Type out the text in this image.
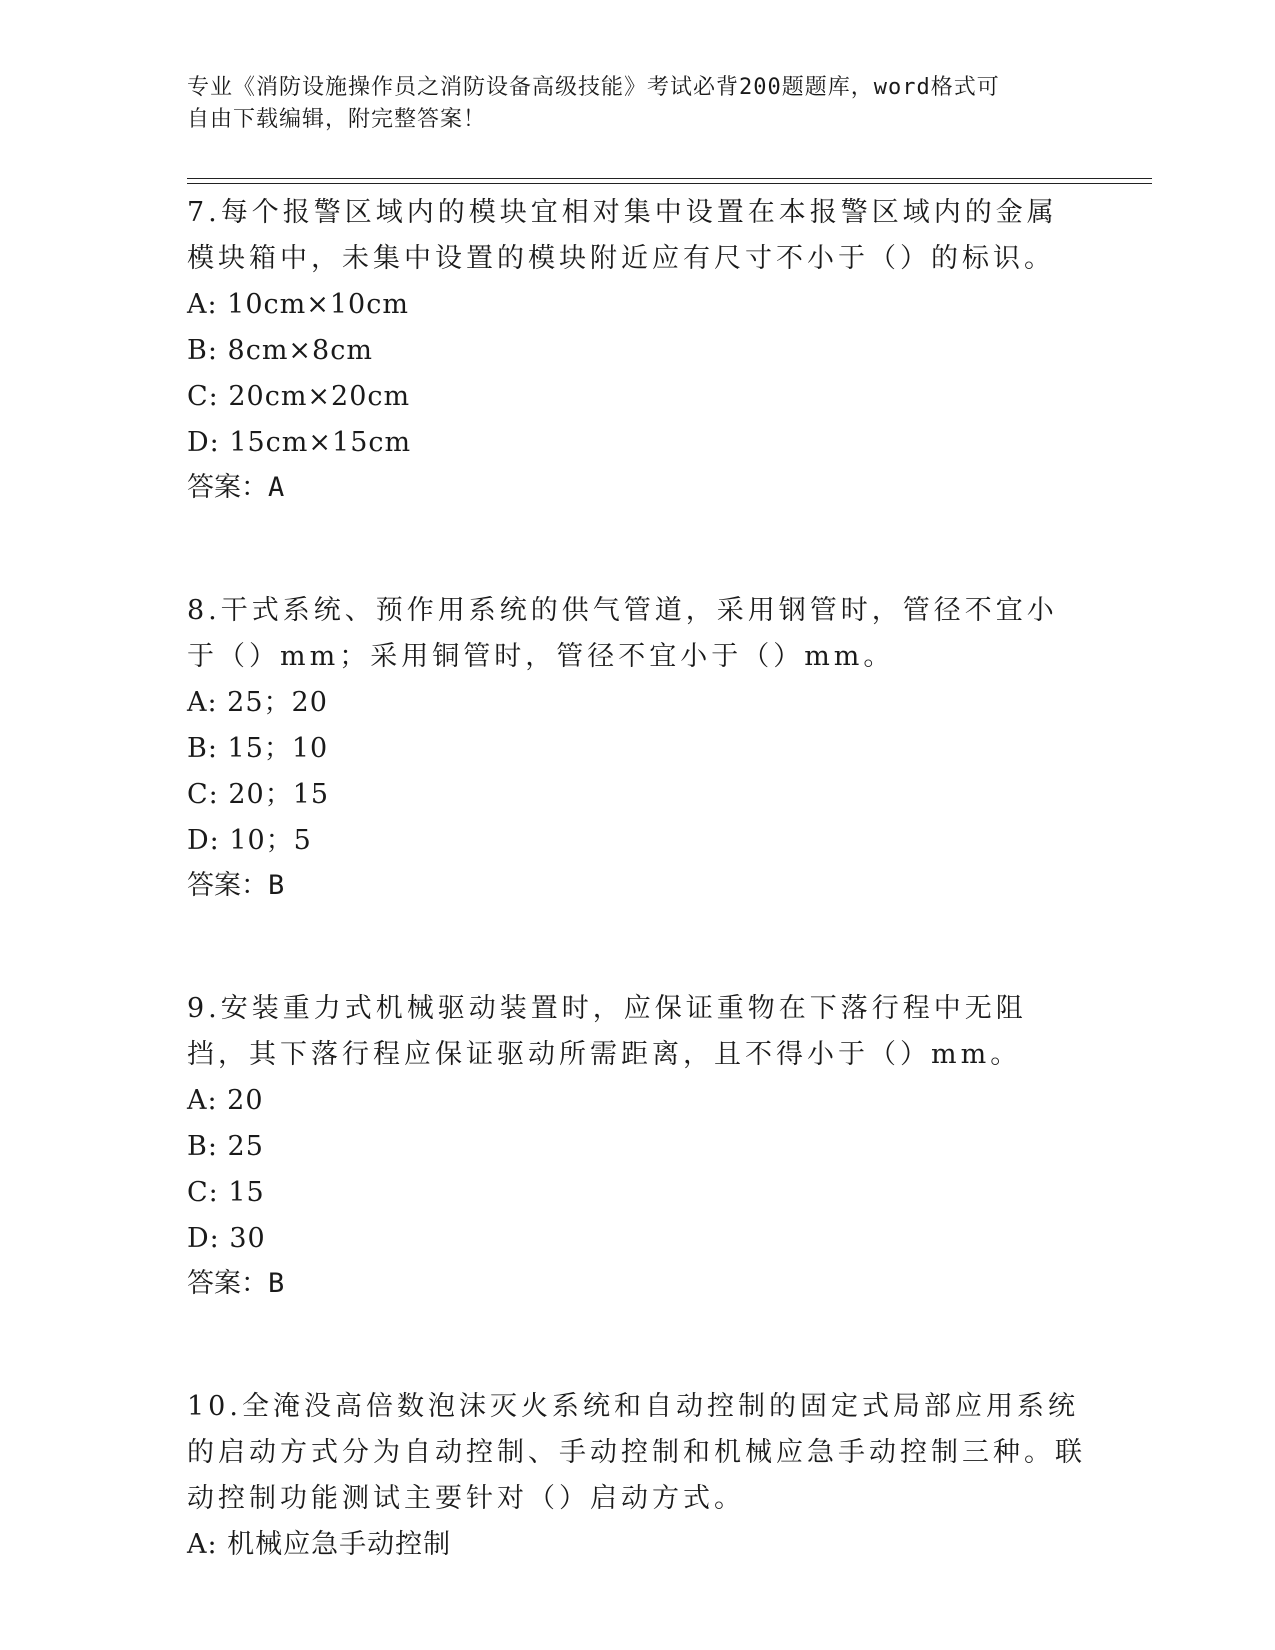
专业《消防设施操作员之消防设备高级技能》考试必背200题题库，word格式可
自由下载编辑，附完整答案！

7.每个报警区域内的模块宜相对集中设置在本报警区域内的金属模块箱中，未集中设置的模块附近应有尺寸不小于（）的标识。

A: 10cm×10cm

B: 8cm×8cm

C: 20cm×20cm

D: 15cm×15cm

答案：A

8.干式系统、预作用系统的供气管道，采用钢管时，管径不宜小于（）mm；采用铜管时，管径不宜小于（）mm。

A: 25；20

B: 15；10

C: 20；15

D: 10；5

答案：B

9.安装重力式机械驱动装置时，应保证重物在下落行程中无阻挡，其下落行程应保证驱动所需距离，且不得小于（）mm。

A: 20

B: 25

C: 15

D: 30

答案：B

10.全淹没高倍数泡沫灭火系统和自动控制的固定式局部应用系统的启动方式分为自动控制、手动控制和机械应急手动控制三种。联动控制功能测试主要针对（）启动方式。

A: 机械应急手动控制
